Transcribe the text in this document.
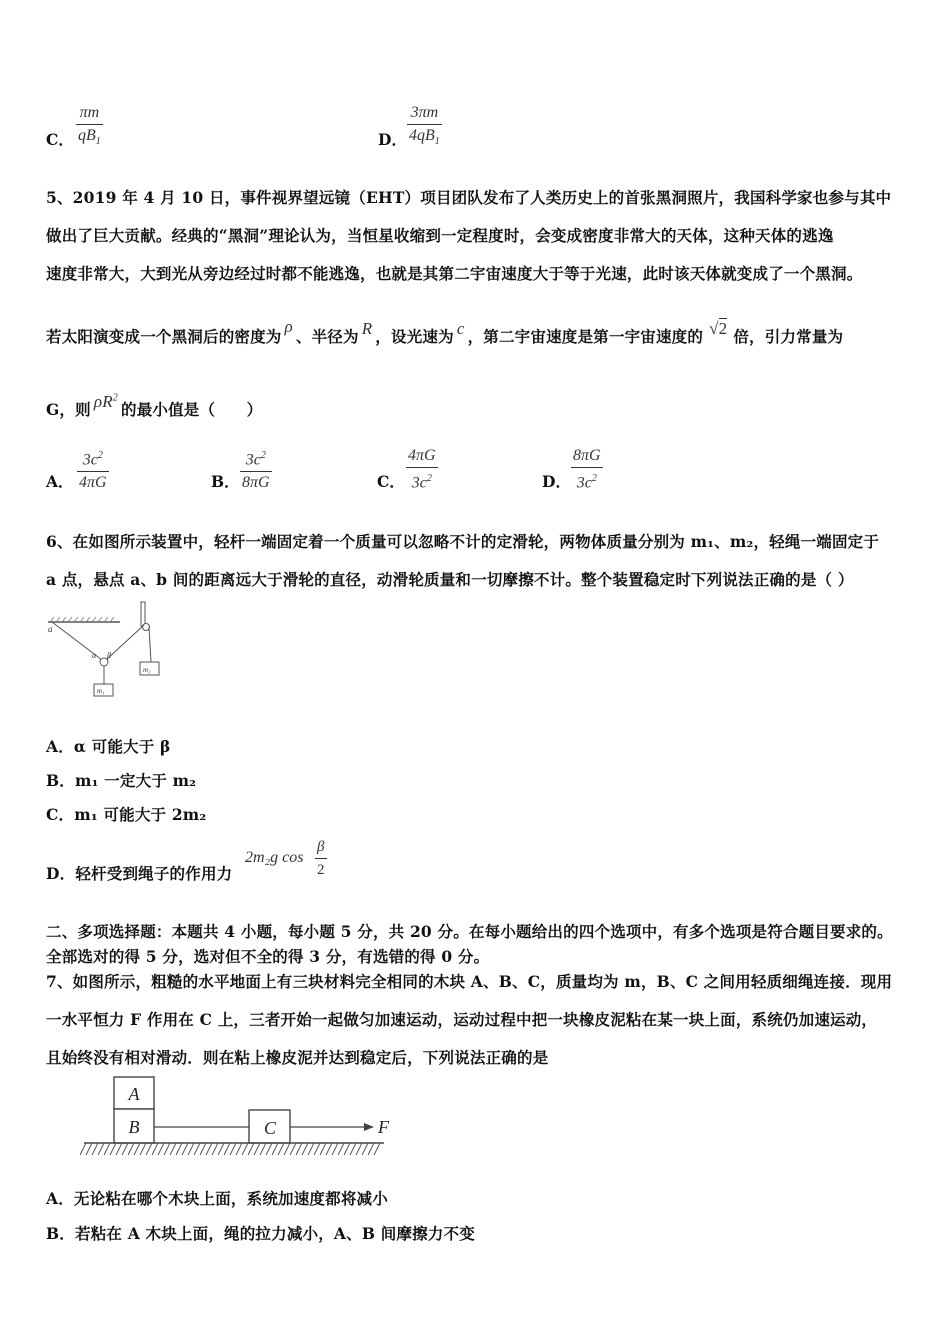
C． $\frac{\pi m}{qB_1}$	D． $\frac{3\pi m}{4qB_1}$
5、2019 年 4 月 10 日，事件视界望远镜（EHT）项目团队发布了人类历史上的首张黑洞照片，我国科学家也参与其中
做出了巨大贡献。经典的“黑洞”理论认为，当恒星收缩到一定程度时，会变成密度非常大的天体，这种天体的逃逸
速度非常大，大到光从旁边经过时都不能逃逸，也就是其第二宇宙速度大于等于光速，此时该天体就变成了一个黑洞。
若太阳演变成一个黑洞后的密度为ρ、半径为 R ，设光速为 c ，第二宇宙速度是第一宇宙速度的 √2 倍，引力常量为
G，则 $\rho R^2$的最小值是（　　）
A． $\frac{3c^2}{4\pi G}$	B． $\frac{3c^2}{8\pi G}$	C． $\frac{4\pi G}{3c^2}$	D． $\frac{8\pi G}{3c^2}$
6、在如图所示装置中，轻杆一端固定着一个质量可以忽略不计的定滑轮，两物体质量分别为 m₁、m₂，轻绳一端固定于
a 点，悬点 a、b 间的距离远大于滑轮的直径，动滑轮质量和一切摩擦不计。整个装置稳定时下列说法正确的是（ ）
a
α β
m₁
m₂
A．α 可能大于 β
B．m₁ 一定大于 m₂
C．m₁ 可能大于 2m₂
D．轻杆受到绳子的作用力
2m₂g $\cos \frac{\beta}{2}$
二、多项选择题：本题共 4 小题，每小题 5 分，共 20 分。在每小题给出的四个选项中，有多个选项是符合题目要求的。
全部选对的得 5 分，选对但不全的得 3 分，有选错的得 0 分。
7、如图所示，粗糙的水平地面上有三块材料完全相同的木块 A、B、C，质量均为 m，B、C 之间用轻质细绳连接．现用
一水平恒力 F 作用在 C 上，三者开始一起做匀加速运动，运动过程中把一块橡皮泥粘在某一块上面，系统仍加速运动，
且始终没有相对滑动．则在粘上橡皮泥并达到稳定后，下列说法正确的是
A
B	C	F
A．无论粘在哪个木块上面，系统加速度都将减小
B．若粘在 A 木块上面，绳的拉力减小，A、B 间摩擦力不变
